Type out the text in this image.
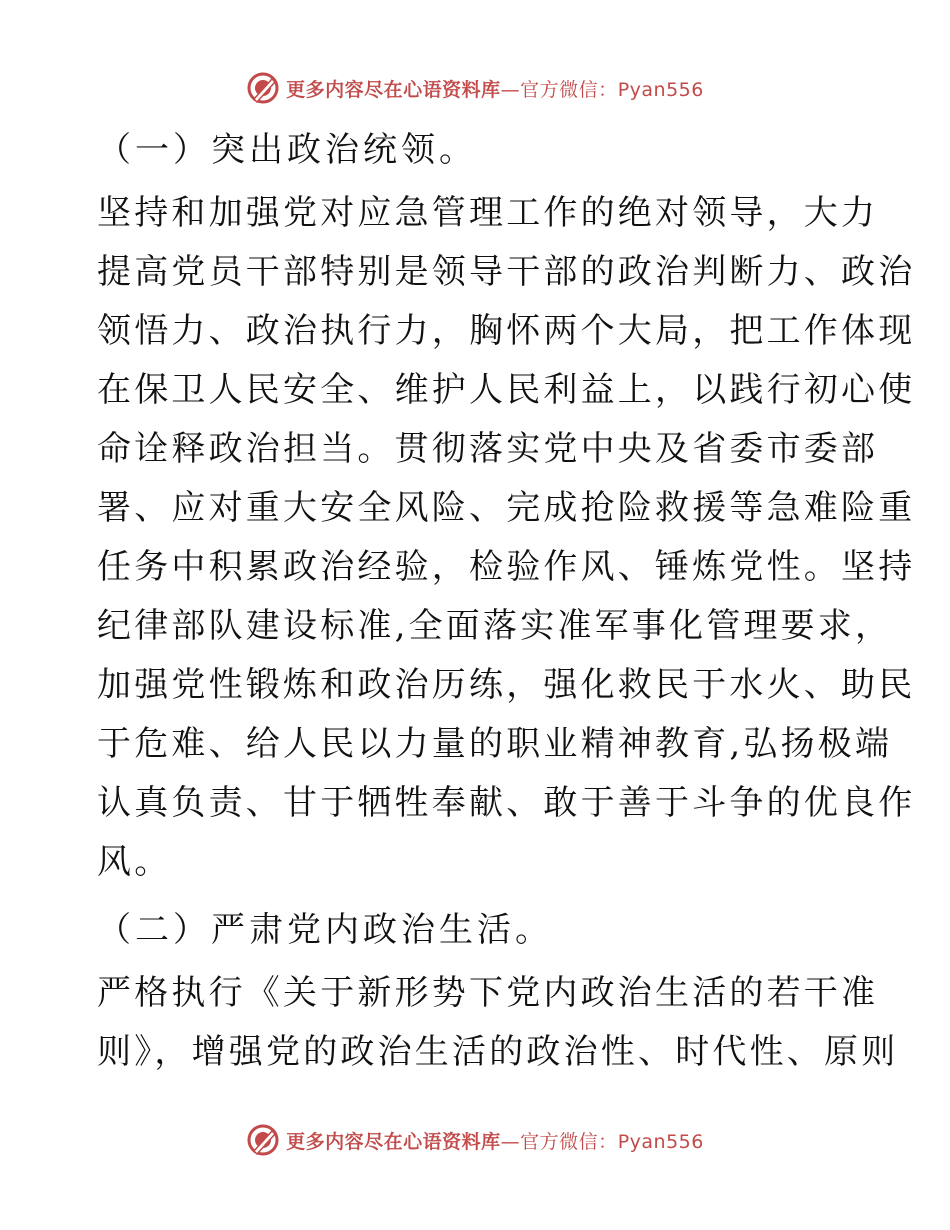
更多内容尽在心语资料库—官方微信：Pyan556
（一）突出政治统领。
坚持和加强党对应急管理工作的绝对领导，大力
提高党员干部特别是领导干部的政治判断力、政治
领悟力、政治执行力，胸怀两个大局，把工作体现
在保卫人民安全、维护人民利益上，以践行初心使
命诠释政治担当。贯彻落实党中央及省委市委部
署、应对重大安全风险、完成抢险救援等急难险重
任务中积累政治经验，检验作风、锤炼党性。坚持
纪律部队建设标准,全面落实准军事化管理要求，
加强党性锻炼和政治历练，强化救民于水火、助民
于危难、给人民以力量的职业精神教育,弘扬极端
认真负责、甘于牺牲奉献、敢于善于斗争的优良作
风。
（二）严肃党内政治生活。
严格执行《关于新形势下党内政治生活的若干准
则》，增强党的政治生活的政治性、时代性、原则
更多内容尽在心语资料库—官方微信：Pyan556
